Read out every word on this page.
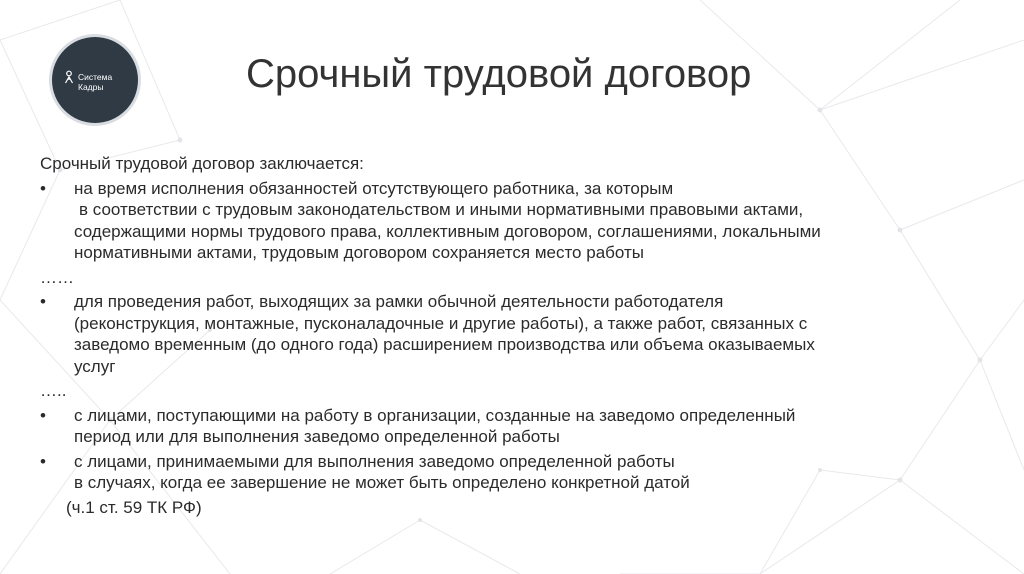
Система
Кадры	Срочный трудовой договор

Срочный трудовой договор заключается:

• на время исполнения обязанностей отсутствующего работника, за которым
в соответствии с трудовым законодательством и иными нормативными правовыми актами,
содержащими нормы трудового права, коллективным договором, соглашениями, локальными
нормативными актами, трудовым договором сохраняется место работы

……

• для проведения работ, выходящих за рамки обычной деятельности работодателя
(реконструкция, монтажные, пусконаладочные и другие работы), а также работ, связанных с
заведомо временным (до одного года) расширением производства или объема оказываемых
услуг

…..

• с лицами, поступающими на работу в организации, созданные на заведомо определенный
период или для выполнения заведомо определенной работы
• с лицами, принимаемыми для выполнения заведомо определенной работы
в случаях, когда ее завершение не может быть определено конкретной датой

(ч.1 ст. 59 ТК РФ)
